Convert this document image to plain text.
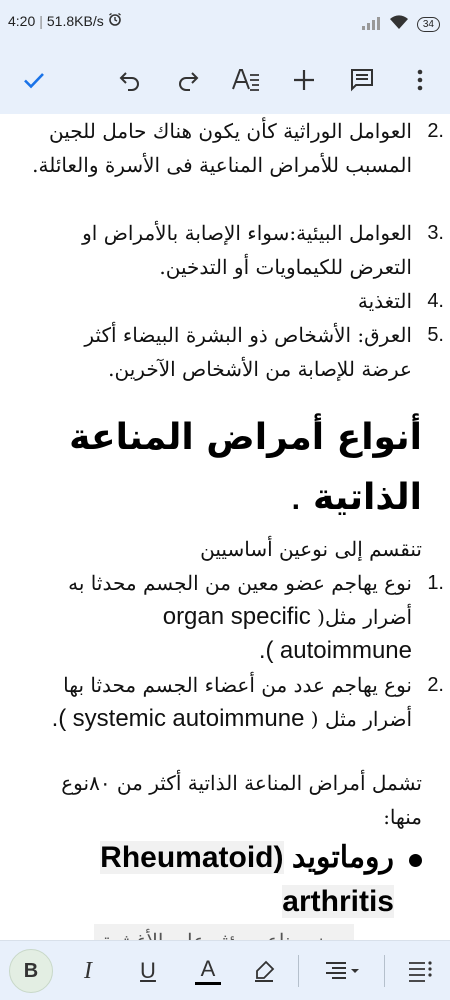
4:20 | 51.8KB/s	34
2.
العوامل الوراثية كأن يكون هناك حامل للجين المسبب للأمراض المناعية فى الأسرة والعائلة.
3.
العوامل البيئية:سواء الإصابة بالأمراض او التعرض للكيماويات أو التدخين.
4.
التغذية
5.
العرق: الأشخاص ذو البشرة البيضاء أكثر عرضة للإصابة من الأشخاص الآخرين.
أنواع أمراض المناعة الذاتية .
تنقسم إلى نوعين أساسيين
1.
نوع يهاجم عضو معين من الجسم محدثا به أضرار مثل( organ specific autoimmune ).
2.
نوع يهاجم عدد من أعضاء الجسم محدثا بها أضرار مثل ( systemic autoimmune ).
تشمل أمراض المناعة الذاتية أكثر من ٨٠نوع منها:
روماتويد (Rheumatoid arthritis
B I U A
